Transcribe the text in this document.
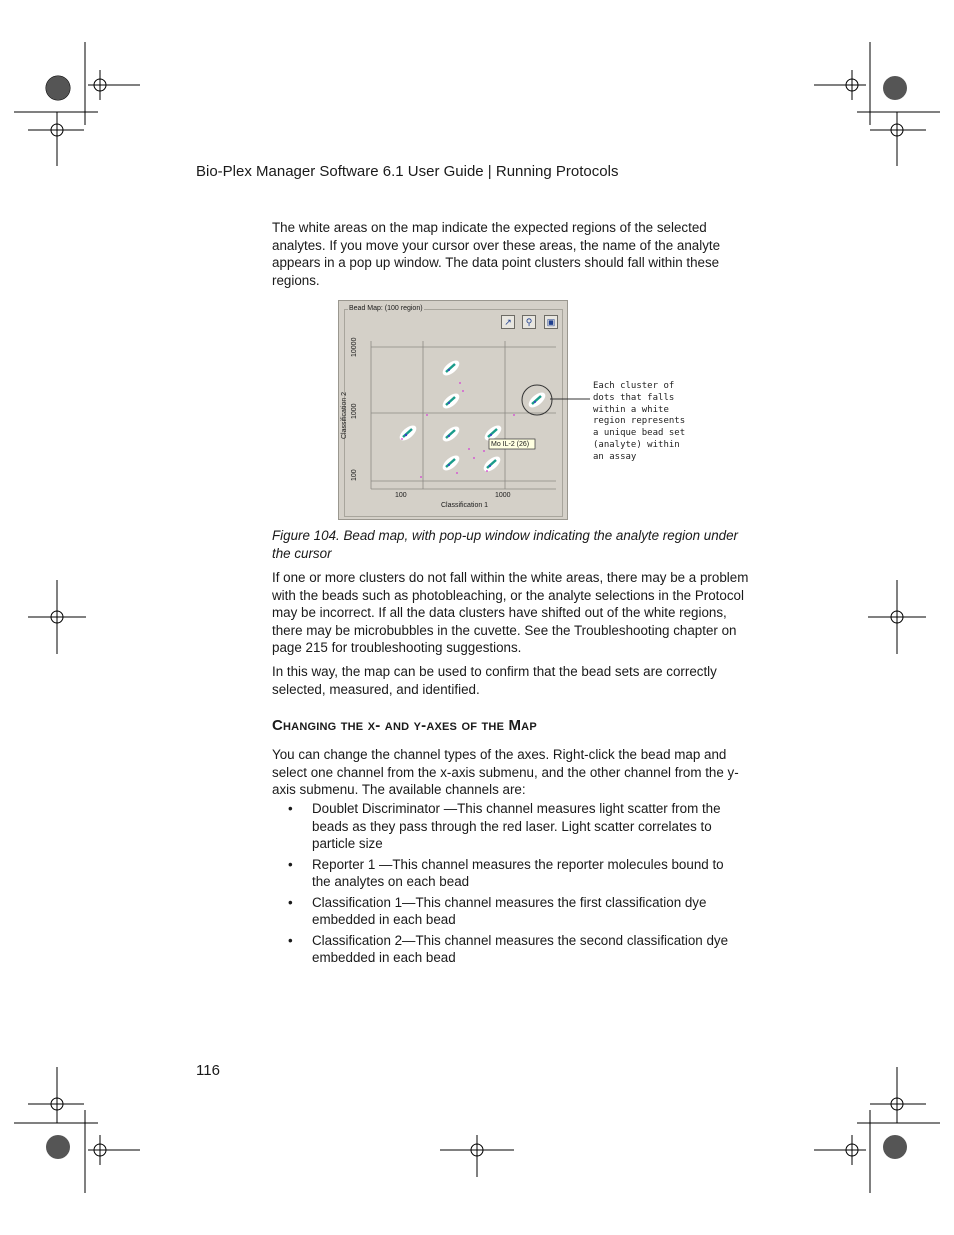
Bio-Plex Manager Software 6.1 User Guide | Running Protocols
The white areas on the map indicate the expected regions of the selected analytes. If you move your cursor over these areas, the name of the analyte appears in a pop up window. The data point clusters should fall within these regions.
Bead Map: (100 region)
↗	⚲	▣
Mo IL-2 (26)
100	1000
Classification 1
100
1000
10000
Classification 2
Each cluster of dots that falls within a white region represents a unique bead set (analyte) within an assay
Figure 104. Bead map, with pop-up window indicating the analyte region under the cursor
If one or more clusters do not fall within the white areas, there may be a problem with the beads such as photobleaching, or the analyte selections in the Protocol may be incorrect. If all the data clusters have shifted out of the white regions, there may be microbubbles in the cuvette. See the Troubleshooting chapter on page 215 for troubleshooting suggestions.
In this way, the map can be used to confirm that the bead sets are correctly selected, measured, and identified.
Changing the x- and y-axes of the Map
You can change the channel types of the axes. Right-click the bead map and select one channel from the x-axis submenu, and the other channel from the y-axis submenu. The available channels are:
• Doublet Discriminator —This channel measures light scatter from the beads as they pass through the red laser. Light scatter correlates to particle size
• Reporter 1 —This channel measures the reporter molecules bound to the analytes on each bead
• Classification 1—This channel measures the first classification dye embedded in each bead
• Classification 2—This channel measures the second classification dye embedded in each bead
116
